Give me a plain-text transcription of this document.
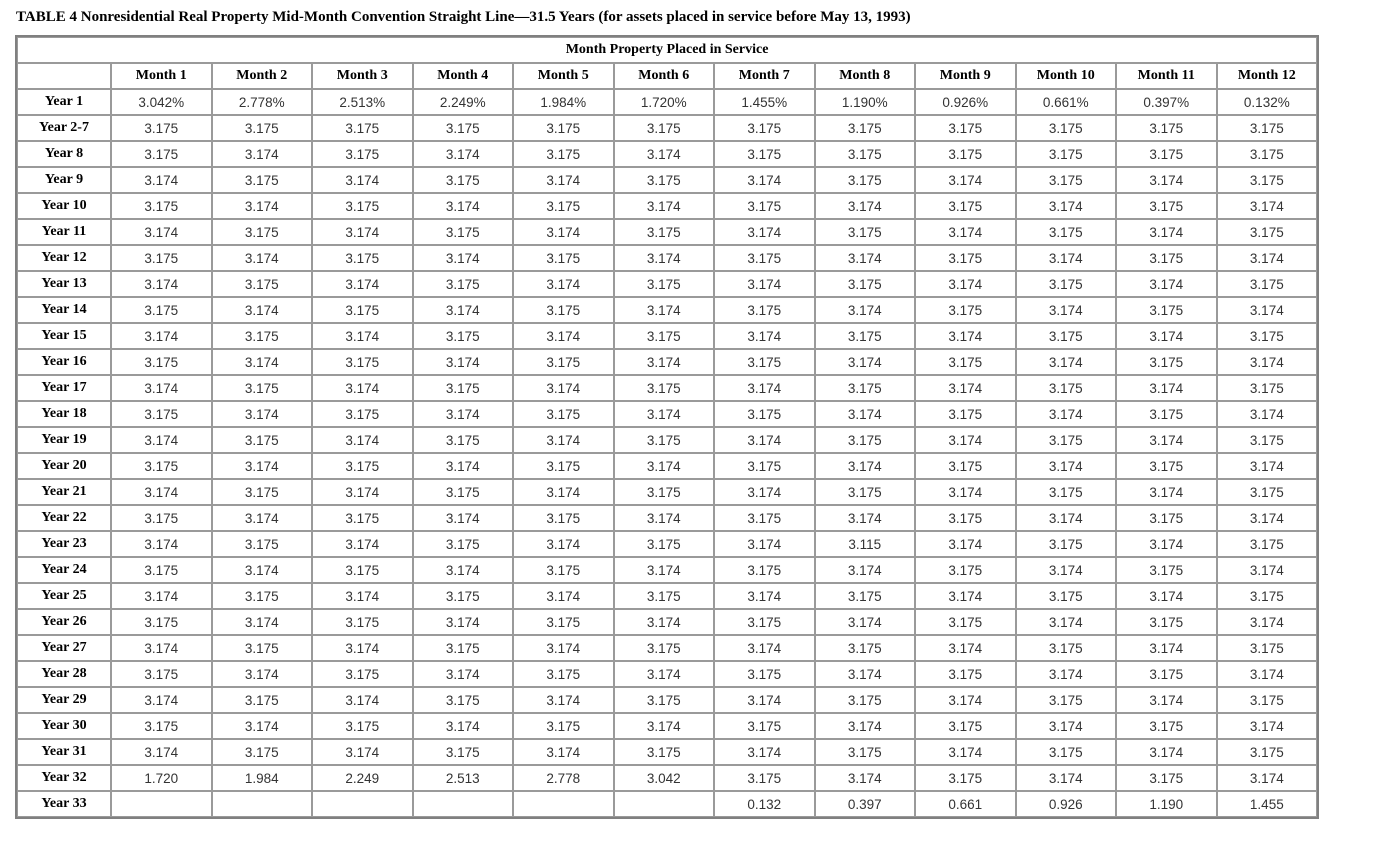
TABLE 4 Nonresidential Real Property Mid-Month Convention Straight Line—31.5 Years (for assets placed in service before May 13, 1993)
Month Property Placed in Service												
	Month 1	Month 2	Month 3	Month 4	Month 5	Month 6	Month 7	Month 8	Month 9	Month 10	Month 11	Month 12
Year 1	3.042%	2.778%	2.513%	2.249%	1.984%	1.720%	1.455%	1.190%	0.926%	0.661%	0.397%	0.132%
Year 2-7	3.175	3.175	3.175	3.175	3.175	3.175	3.175	3.175	3.175	3.175	3.175	3.175
Year 8	3.175	3.174	3.175	3.174	3.175	3.174	3.175	3.175	3.175	3.175	3.175	3.175
Year 9	3.174	3.175	3.174	3.175	3.174	3.175	3.174	3.175	3.174	3.175	3.174	3.175
Year 10	3.175	3.174	3.175	3.174	3.175	3.174	3.175	3.174	3.175	3.174	3.175	3.174
Year 11	3.174	3.175	3.174	3.175	3.174	3.175	3.174	3.175	3.174	3.175	3.174	3.175
Year 12	3.175	3.174	3.175	3.174	3.175	3.174	3.175	3.174	3.175	3.174	3.175	3.174
Year 13	3.174	3.175	3.174	3.175	3.174	3.175	3.174	3.175	3.174	3.175	3.174	3.175
Year 14	3.175	3.174	3.175	3.174	3.175	3.174	3.175	3.174	3.175	3.174	3.175	3.174
Year 15	3.174	3.175	3.174	3.175	3.174	3.175	3.174	3.175	3.174	3.175	3.174	3.175
Year 16	3.175	3.174	3.175	3.174	3.175	3.174	3.175	3.174	3.175	3.174	3.175	3.174
Year 17	3.174	3.175	3.174	3.175	3.174	3.175	3.174	3.175	3.174	3.175	3.174	3.175
Year 18	3.175	3.174	3.175	3.174	3.175	3.174	3.175	3.174	3.175	3.174	3.175	3.174
Year 19	3.174	3.175	3.174	3.175	3.174	3.175	3.174	3.175	3.174	3.175	3.174	3.175
Year 20	3.175	3.174	3.175	3.174	3.175	3.174	3.175	3.174	3.175	3.174	3.175	3.174
Year 21	3.174	3.175	3.174	3.175	3.174	3.175	3.174	3.175	3.174	3.175	3.174	3.175
Year 22	3.175	3.174	3.175	3.174	3.175	3.174	3.175	3.174	3.175	3.174	3.175	3.174
Year 23	3.174	3.175	3.174	3.175	3.174	3.175	3.174	3.115	3.174	3.175	3.174	3.175
Year 24	3.175	3.174	3.175	3.174	3.175	3.174	3.175	3.174	3.175	3.174	3.175	3.174
Year 25	3.174	3.175	3.174	3.175	3.174	3.175	3.174	3.175	3.174	3.175	3.174	3.175
Year 26	3.175	3.174	3.175	3.174	3.175	3.174	3.175	3.174	3.175	3.174	3.175	3.174
Year 27	3.174	3.175	3.174	3.175	3.174	3.175	3.174	3.175	3.174	3.175	3.174	3.175
Year 28	3.175	3.174	3.175	3.174	3.175	3.174	3.175	3.174	3.175	3.174	3.175	3.174
Year 29	3.174	3.175	3.174	3.175	3.174	3.175	3.174	3.175	3.174	3.175	3.174	3.175
Year 30	3.175	3.174	3.175	3.174	3.175	3.174	3.175	3.174	3.175	3.174	3.175	3.174
Year 31	3.174	3.175	3.174	3.175	3.174	3.175	3.174	3.175	3.174	3.175	3.174	3.175
Year 32	1.720	1.984	2.249	2.513	2.778	3.042	3.175	3.174	3.175	3.174	3.175	3.174
Year 33							0.132	0.397	0.661	0.926	1.190	1.455
